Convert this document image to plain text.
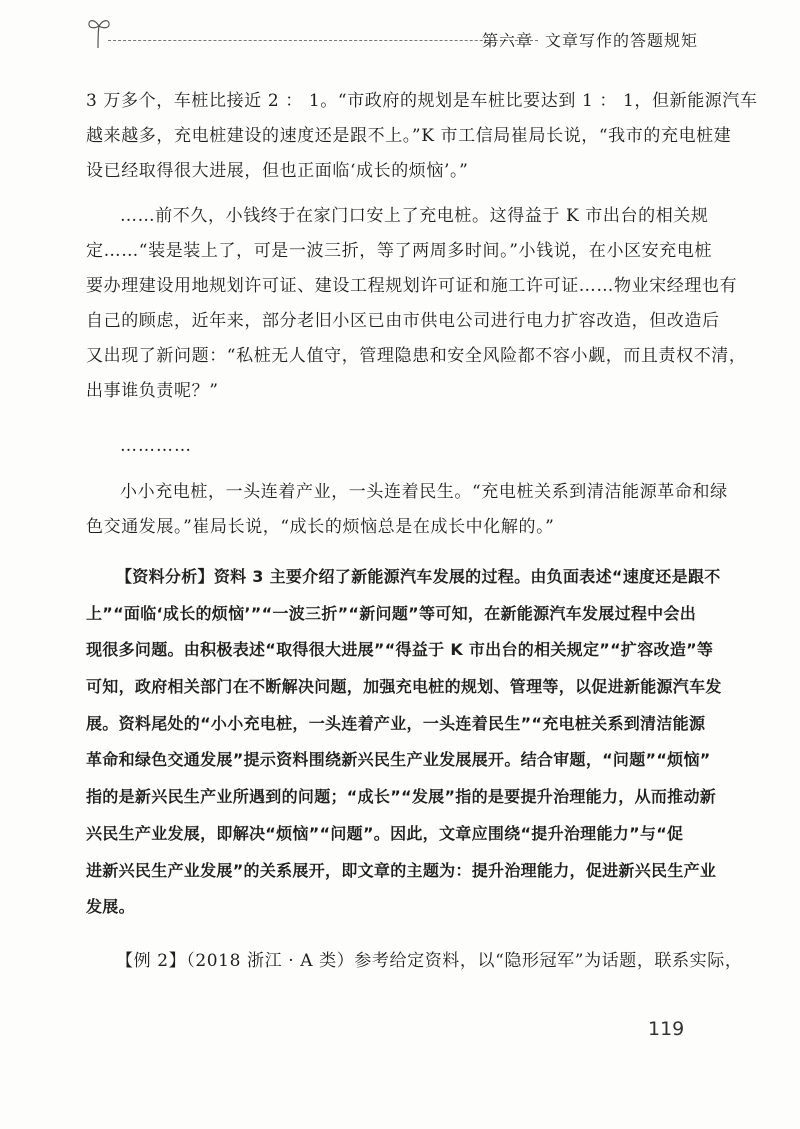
第六章 文章写作的答题规矩
3 万多个，车桩比接近 2 ： 1。“市政府的规划是车桩比要达到 1 ： 1，但新能源汽车
越来越多，充电桩建设的速度还是跟不上。”K 市工信局崔局长说，“我市的充电桩建
设已经取得很大进展，但也正面临‘成长的烦恼’。”
……前不久，小钱终于在家门口安上了充电桩。这得益于 K 市出台的相关规
定……“装是装上了，可是一波三折，等了两周多时间。”小钱说，在小区安充电桩
要办理建设用地规划许可证、建设工程规划许可证和施工许可证……物业宋经理也有
自己的顾虑，近年来，部分老旧小区已由市供电公司进行电力扩容改造，但改造后
又出现了新问题：“私桩无人值守，管理隐患和安全风险都不容小觑，而且责权不清，
出事谁负责呢？”
…………
小小充电桩，一头连着产业，一头连着民生。“充电桩关系到清洁能源革命和绿
色交通发展。”崔局长说，“成长的烦恼总是在成长中化解的。”
【资料分析】资料 3 主要介绍了新能源汽车发展的过程。由负面表述“速度还是跟不
上”“面临‘成长的烦恼’”“一波三折”“新问题”等可知，在新能源汽车发展过程中会出
现很多问题。由积极表述“取得很大进展”“得益于 K 市出台的相关规定”“扩容改造”等
可知，政府相关部门在不断解决问题，加强充电桩的规划、管理等，以促进新能源汽车发
展。资料尾处的“小小充电桩，一头连着产业，一头连着民生”“充电桩关系到清洁能源
革命和绿色交通发展”提示资料围绕新兴民生产业发展展开。结合审题，“问题”“烦恼”
指的是新兴民生产业所遇到的问题；“成长”“发展”指的是要提升治理能力，从而推动新
兴民生产业发展，即解决“烦恼”“问题”。因此，文章应围绕“提升治理能力”与“促
进新兴民生产业发展”的关系展开，即文章的主题为：提升治理能力，促进新兴民生产业
发展。
【例 2】（2018 浙江 · A 类）参考给定资料，以“隐形冠军”为话题，联系实际，
119
